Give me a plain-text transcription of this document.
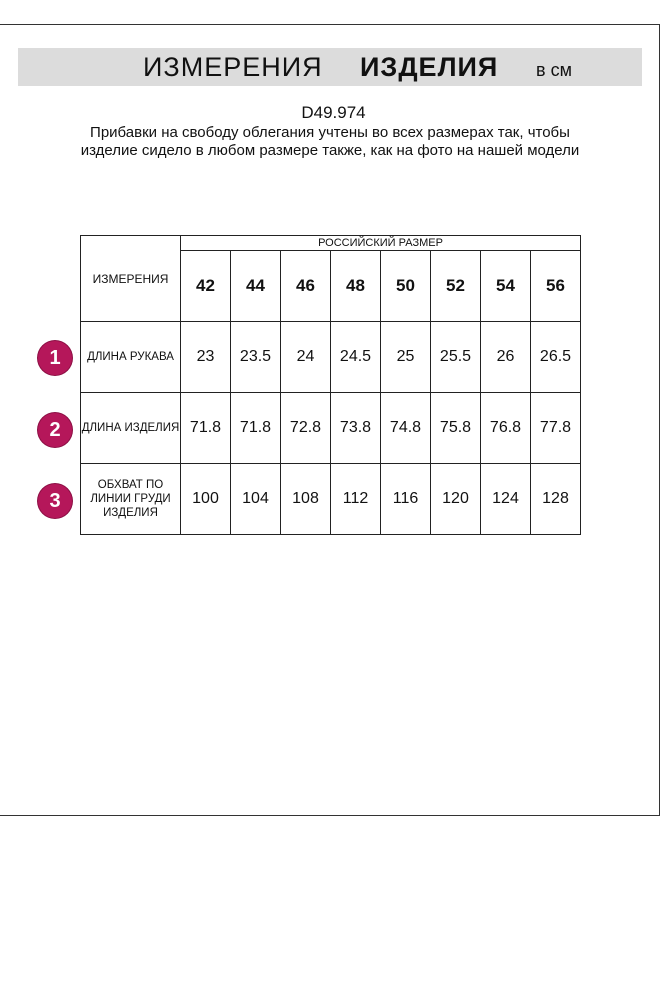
ИЗМЕРЕНИЯ ИЗДЕЛИЯ в см
D49.974
Прибавки на свободу облегания учтены во всех размерах так, чтобы изделие сидело в любом размере также, как на фото на нашей модели
ИЗМЕРЕНИЯ	РОССИЙСКИЙ РАЗМЕР							
	42	44	46	48	50	52	54	56
ДЛИНА РУКАВА	23	23.5	24	24.5	25	25.5	26	26.5
ДЛИНА ИЗДЕЛИЯ	71.8	71.8	72.8	73.8	74.8	75.8	76.8	77.8
ОБХВАТ ПО ЛИНИИ ГРУДИ ИЗДЕЛИЯ	100	104	108	112	116	120	124	128
1
2
3
